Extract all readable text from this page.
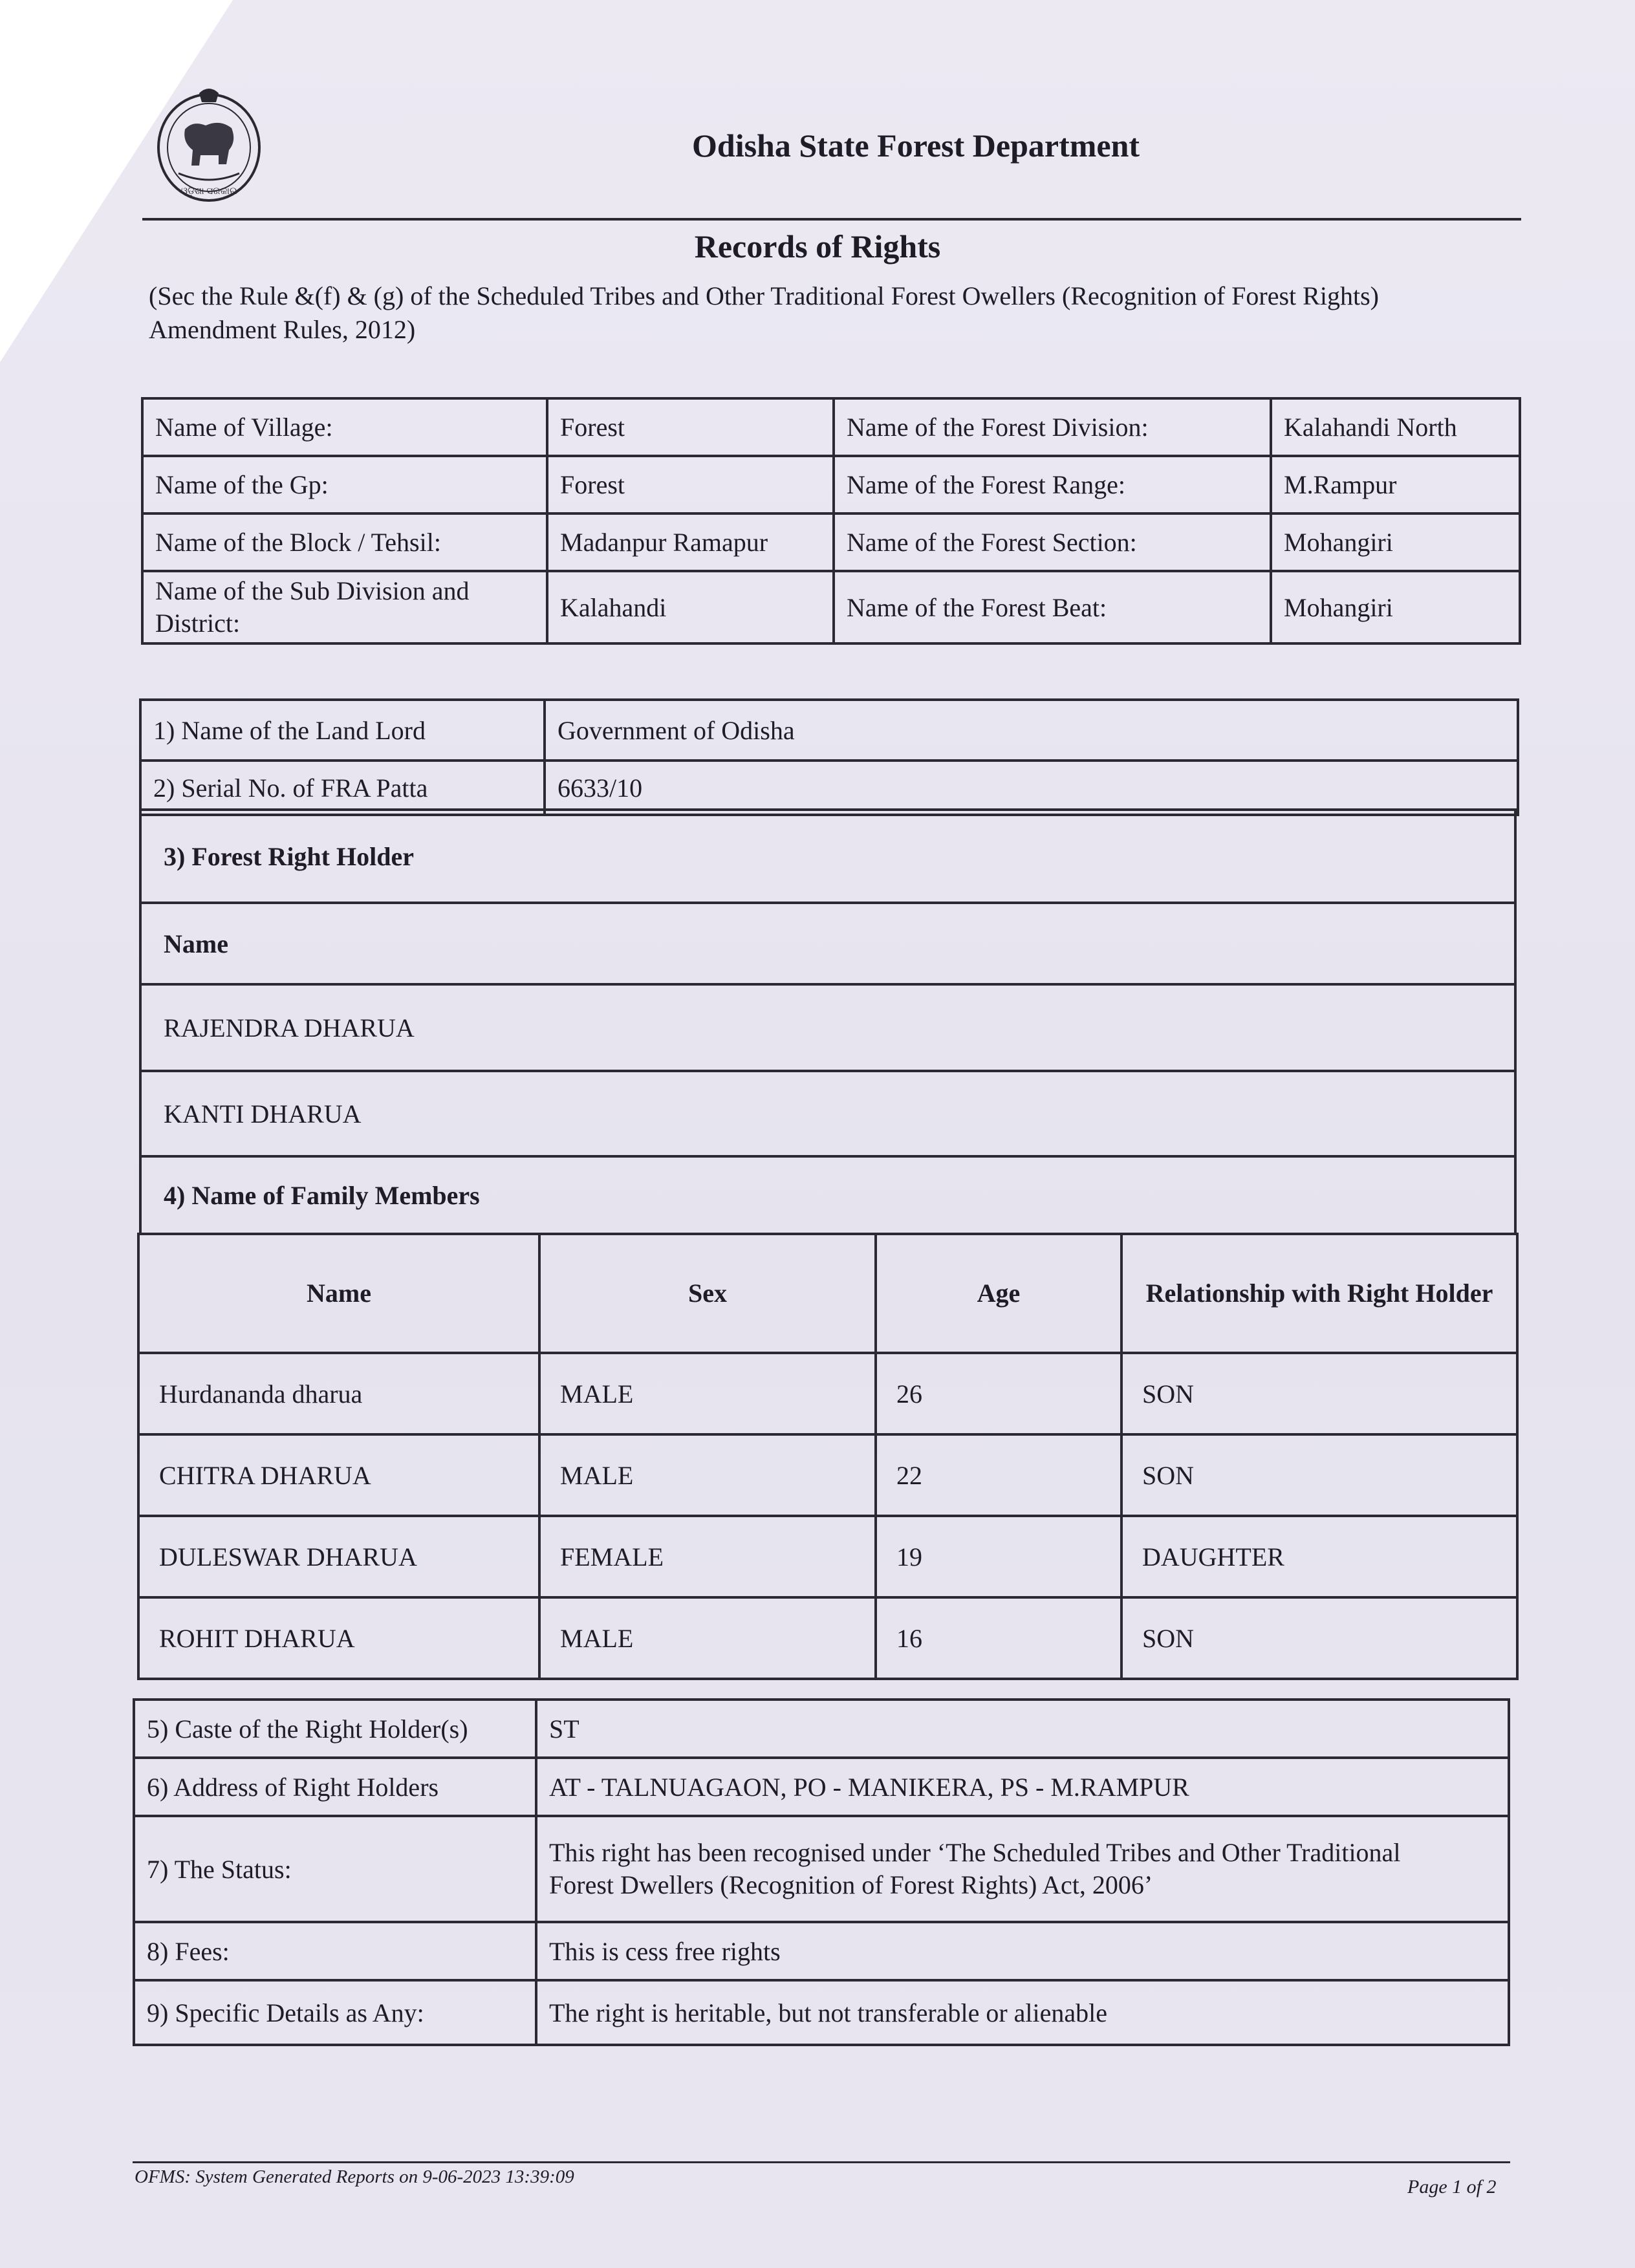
ଓଡ଼ିଶା ସରକାର
Odisha State Forest Department
Records of Rights
(Sec the Rule &(f) & (g) of the Scheduled Tribes and Other Traditional Forest Owellers (Recognition of Forest Rights) Amendment Rules, 2012)
Name of Village:	Forest	Name of the Forest Division:	Kalahandi North
Name of the Gp:	Forest	Name of the Forest Range:	M.Rampur
Name of the Block / Tehsil:	Madanpur Ramapur	Name of the Forest Section:	Mohangiri
Name of the Sub Division and District:	Kalahandi	Name of the Forest Beat:	Mohangiri
1) Name of the Land Lord	Government of Odisha
2) Serial No. of FRA Patta	6633/10
3) Forest Right Holder
Name
RAJENDRA DHARUA
KANTI DHARUA
4) Name of Family Members
Name	Sex	Age	Relationship with Right Holder
Hurdananda dharua	MALE	26	SON
CHITRA DHARUA	MALE	22	SON
DULESWAR DHARUA	FEMALE	19	DAUGHTER
ROHIT DHARUA	MALE	16	SON
5) Caste of the Right Holder(s)	ST
6) Address of Right Holders	AT - TALNUAGAON, PO - MANIKERA, PS - M.RAMPUR
7) The Status:	This right has been recognised under ‘The Scheduled Tribes and Other Traditional
Forest Dwellers (Recognition of Forest Rights) Act, 2006’
8) Fees:	This is cess free rights
9) Specific Details as Any:	The right is heritable, but not transferable or alienable
OFMS: System Generated Reports on 9-06-2023 13:39:09	Page 1 of 2
